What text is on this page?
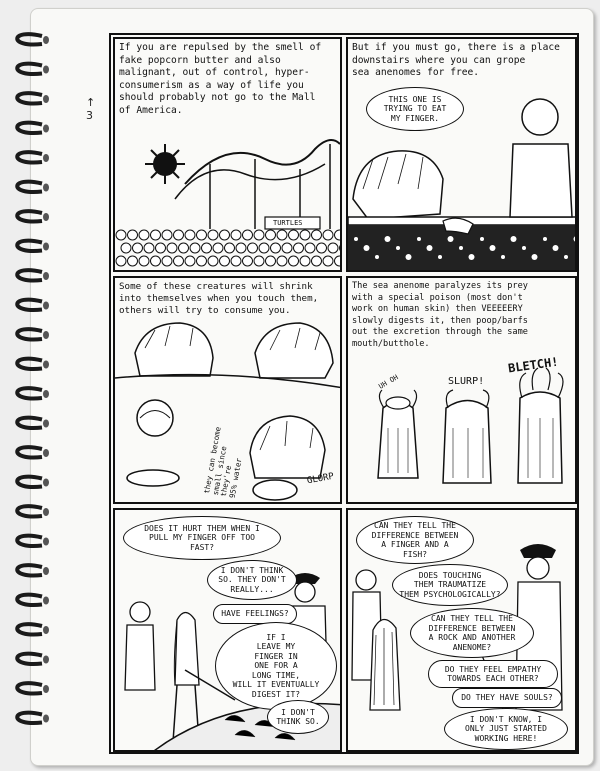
↑
3
If you are repulsed by the smell of
fake popcorn butter and also
malignant, out of control, hyper-
consumerism as a way of life you
should probably not go to the Mall
of America.
TURTLES
But if you must go, there is a place
downstairs where you can grope
sea anenomes for free.
THIS ONE IS
TRYING TO EAT
MY FINGER.
Some of these creatures will shrink
into themselves when you touch them,
others will try to consume you.
they can become
small since they're
95% water	GLORP
The sea anenome paralyzes its prey
with a special poison (most don't
work on human skin) then VEEEEERY
slowly digests it, then poop/barfs
out the excretion through the same
mouth/butthole.
UH OH	SLURP!
BLETCH!
DOES IT HURT THEM WHEN I
PULL MY FINGER OFF TOO
FAST?
I DON'T THINK
SO. THEY DON'T
REALLY...
HAVE FEELINGS?
IF I
LEAVE MY
FINGER IN
ONE FOR A
LONG TIME,
WILL IT EVENTUALLY
DIGEST IT?
I DON'T
THINK SO.
CAN THEY TELL THE
DIFFERENCE BETWEEN
A FINGER AND A
FISH?
DOES TOUCHING
THEM TRAUMATIZE
THEM PSYCHOLOGICALLY?
CAN THEY TELL THE
DIFFERENCE BETWEEN
A ROCK AND ANOTHER
ANENOME?
DO THEY FEEL EMPATHY
TOWARDS EACH OTHER?
DO THEY HAVE SOULS?
I DON'T KNOW, I
ONLY JUST STARTED
WORKING HERE!
